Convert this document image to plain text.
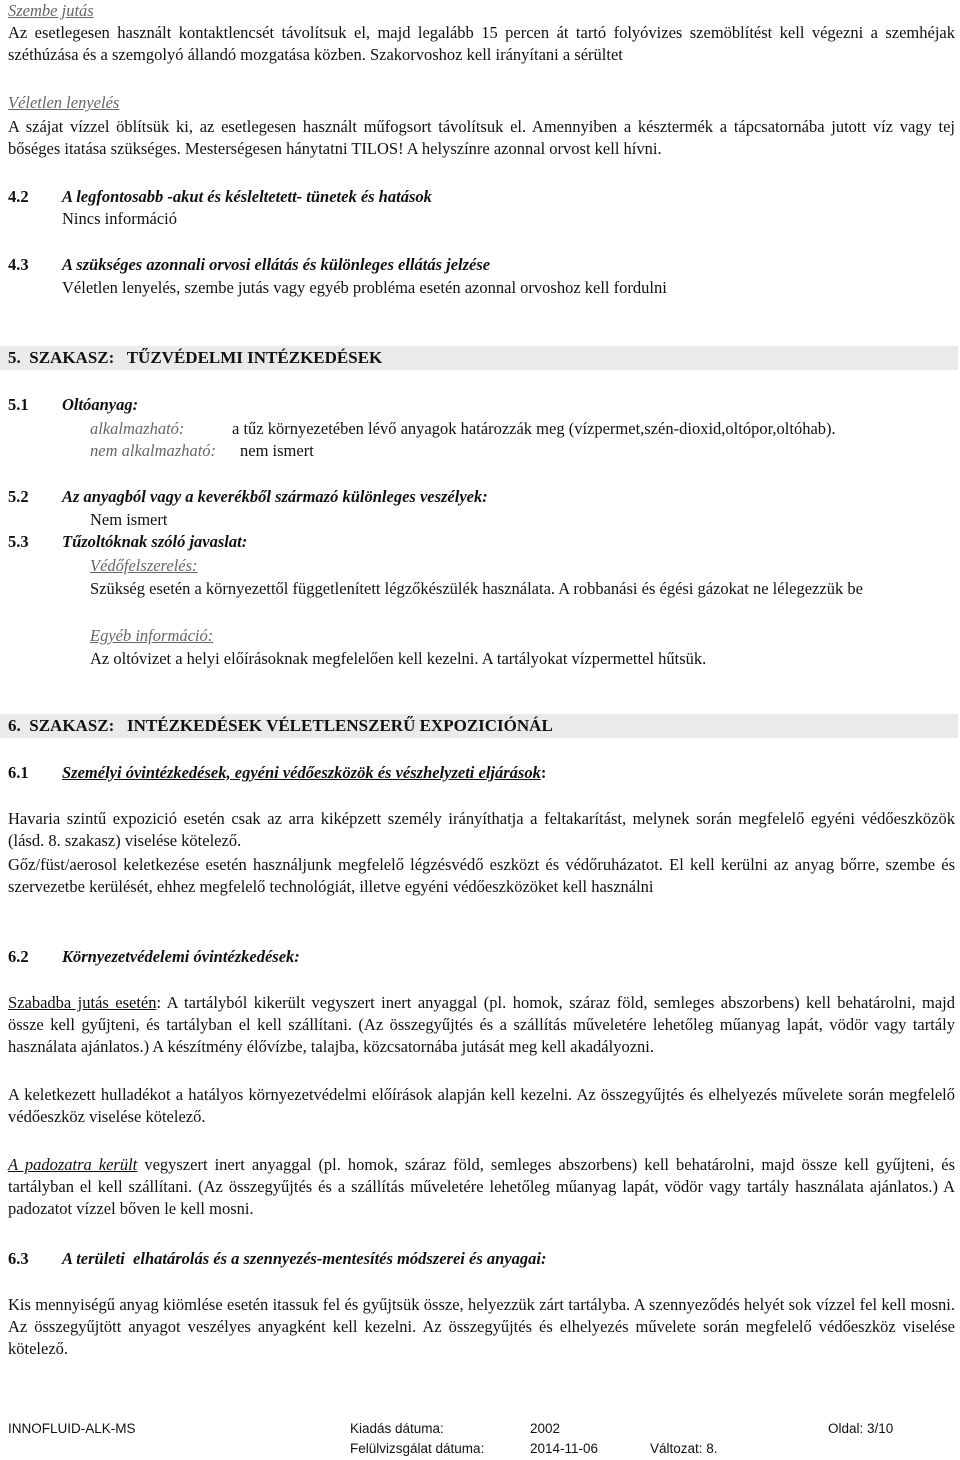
Szembe jutás
Az esetlegesen használt kontaktlencsét távolítsuk el, majd legalább 15 percen át tartó folyóvizes szemöblítést kell végezni a szemhéjak széthúzása és a szemgolyó állandó mozgatása közben. Szakorvoshoz kell irányítani a sérültet
Véletlen lenyelés
A szájat vízzel öblítsük ki, az esetlegesen használt műfogsort távolítsuk el. Amennyiben a késztermék a tápcsatornába jutott víz vagy tej bőséges itatása szükséges. Mesterségesen hánytatni TILOS! A helyszínre azonnal orvost kell hívni.
4.2 A legfontosabb -akut és késleltetett- tünetek és hatások
Nincs információ
4.3 A szükséges azonnali orvosi ellátás és különleges ellátás jelzése
Véletlen lenyelés, szembe jutás vagy egyéb probléma esetén azonnal orvoshoz kell fordulni
5.  SZAKASZ:   TŰZVÉDELMI INTÉZKEDÉSEK
5.1 Oltóanyag:
alkalmazható:	a tűz környezetében lévő anyagok határozzák meg (vízpermet,szén-dioxid,oltópor,oltóhab).
nem alkalmazható: nem ismert
5.2 Az anyagból vagy a keverékből származó különleges veszélyek:
Nem ismert
5.3 Tűzoltóknak szóló javaslat:
Védőfelszerelés:
Szükség esetén a környezettől függetlenített légzőkészülék használata. A robbanási és égési gázokat ne lélegezzük be
Egyéb információ:
Az oltóvizet a helyi előírásoknak megfelelően kell kezelni. A tartályokat vízpermettel hűtsük.
6.  SZAKASZ:   INTÉZKEDÉSEK VÉLETLENSZERŰ EXPOZICIÓNÁL
6.1 Személyi óvintézkedések, egyéni védőeszközök és vészhelyzeti eljárások:
Havaria szintű expozició esetén csak az arra kiképzett személy irányíthatja a feltakarítást, melynek során megfelelő egyéni védőeszközök (lásd. 8. szakasz) viselése kötelező.
Gőz/füst/aerosol keletkezése esetén használjunk megfelelő légzésvédő eszközt és védőruházatot. El kell kerülni az anyag bőrre, szembe és szervezetbe kerülését, ehhez megfelelő technológiát, illetve egyéni védőeszközöket kell használni
6.2 Környezetvédelemi óvintézkedések:
Szabadba jutás esetén: A tartályból kikerült vegyszert inert anyaggal (pl. homok, száraz föld, semleges abszorbens) kell behatárolni, majd össze kell gyűjteni, és tartályban el kell szállítani. (Az összegyűjtés és a szállítás műveletére lehetőleg műanyag lapát, vödör vagy tartály használata ajánlatos.) A készítmény élővízbe, talajba, közcsatornába jutását meg kell akadályozni.
A keletkezett hulladékot a hatályos környezetvédelmi előírások alapján kell kezelni. Az összegyűjtés és elhelyezés művelete során megfelelő védőeszköz viselése kötelező.
A padozatra került vegyszert inert anyaggal (pl. homok, száraz föld, semleges abszorbens) kell behatárolni, majd össze kell gyűjteni, és tartályban el kell szállítani. (Az összegyűjtés és a szállítás műveletére lehetőleg műanyag lapát, vödör vagy tartály használata ajánlatos.) A padozatot vízzel bőven le kell mosni.
6.3 A területi  elhatárolás és a szennyezés-mentesítés módszerei és anyagai:
Kis mennyiségű anyag kiömlése esetén itassuk fel és gyűjtsük össze, helyezzük zárt tartályba. A szennyeződés helyét sok vízzel fel kell mosni. Az összegyűjtött anyagot veszélyes anyagként kell kezelni. Az összegyűjtés és elhelyezés művelete során megfelelő védőeszköz viselése kötelező.
INNOFLUID-ALK-MS	Kiadás dátuma:	2002	Oldal: 3/10
Felülvizsgálat dátuma:	2014-11-06	Változat: 8.
